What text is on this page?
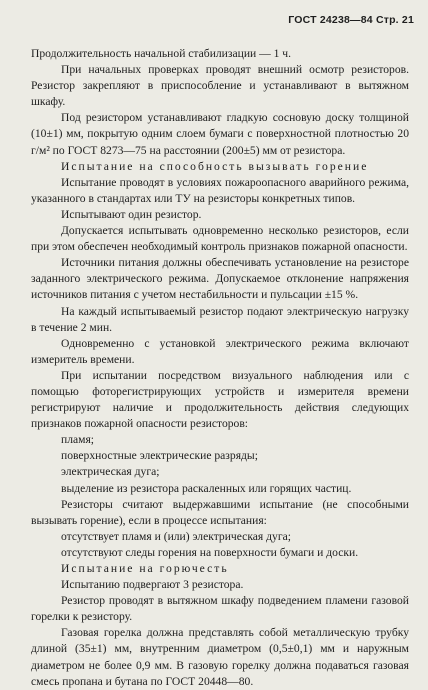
ГОСТ 24238—84 Стр. 21

Продолжительность начальной стабилизации — 1 ч.

При начальных проверках проводят внешний осмотр резисторов. Резистор закрепляют в приспособление и устанавливают в вытяжном шкафу.

Под резистором устанавливают гладкую сосновую доску толщиной (10±1) мм, покрытую одним слоем бумаги с поверхностной плотностью 20 г/м² по ГОСТ 8273—75 на расстоянии (200±5) мм от резистора.

Испытание на способность вызывать горение

Испытание проводят в условиях пожароопасного аварийного режима, указанного в стандартах или ТУ на резисторы конкретных типов.

Испытывают один резистор.

Допускается испытывать одновременно несколько резисторов, если при этом обеспечен необходимый контроль признаков пожарной опасности.

Источники питания должны обеспечивать установление на резисторе заданного электрического режима. Допускаемое отклонение напряжения источников питания с учетом нестабильности и пульсации ±15 %.

На каждый испытываемый резистор подают электрическую нагрузку в течение 2 мин.

Одновременно с установкой электрического режима включают измеритель времени.

При испытании посредством визуального наблюдения или с помощью фоторегистрирующих устройств и измерителя времени регистрируют наличие и продолжительность действия следующих признаков пожарной опасности резисторов:

пламя;

поверхностные электрические разряды;

электрическая дуга;

выделение из резистора раскаленных или горящих частиц.

Резисторы считают выдержавшими испытание (не способными вызывать горение), если в процессе испытания:

отсутствует пламя и (или) электрическая дуга;

отсутствуют следы горения на поверхности бумаги и доски.

Испытание на горючесть

Испытанию подвергают 3 резистора.

Резистор проводят в вытяжном шкафу подведением пламени газовой горелки к резистору.

Газовая горелка должна представлять собой металлическую трубку длиной (35±1) мм, внутренним диаметром (0,5±0,1) мм и наружным диаметром не более 0,9 мм. В газовую горелку должна подаваться газовая смесь пропана и бутана по ГОСТ 20448—80.
